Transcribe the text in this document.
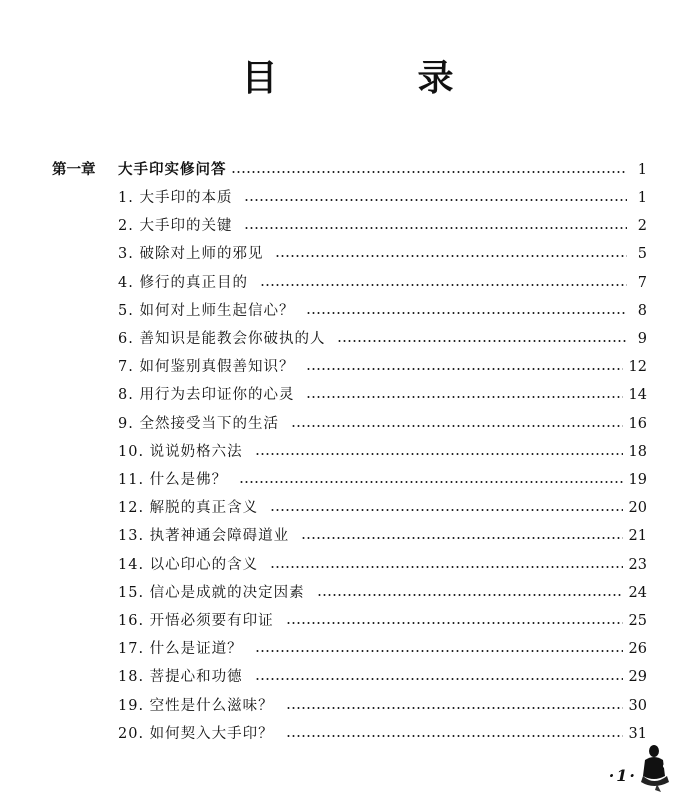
目　录
第一章	大手印实修问答	1
1. 大手印的本质	1
2. 大手印的关键	2
3. 破除对上师的邪见	5
4. 修行的真正目的	7
5. 如何对上师生起信心？	8
6. 善知识是能教会你破执的人	9
7. 如何鉴别真假善知识？	12
8. 用行为去印证你的心灵	14
9. 全然接受当下的生活	16
10. 说说奶格六法	18
11. 什么是佛？	19
12. 解脱的真正含义	20
13. 执著神通会障碍道业	21
14. 以心印心的含义	23
15. 信心是成就的决定因素	24
16. 开悟必须要有印证	25
17. 什么是证道？	26
18. 菩提心和功德	29
19. 空性是什么滋味？	30
20. 如何契入大手印？	31
·1·
